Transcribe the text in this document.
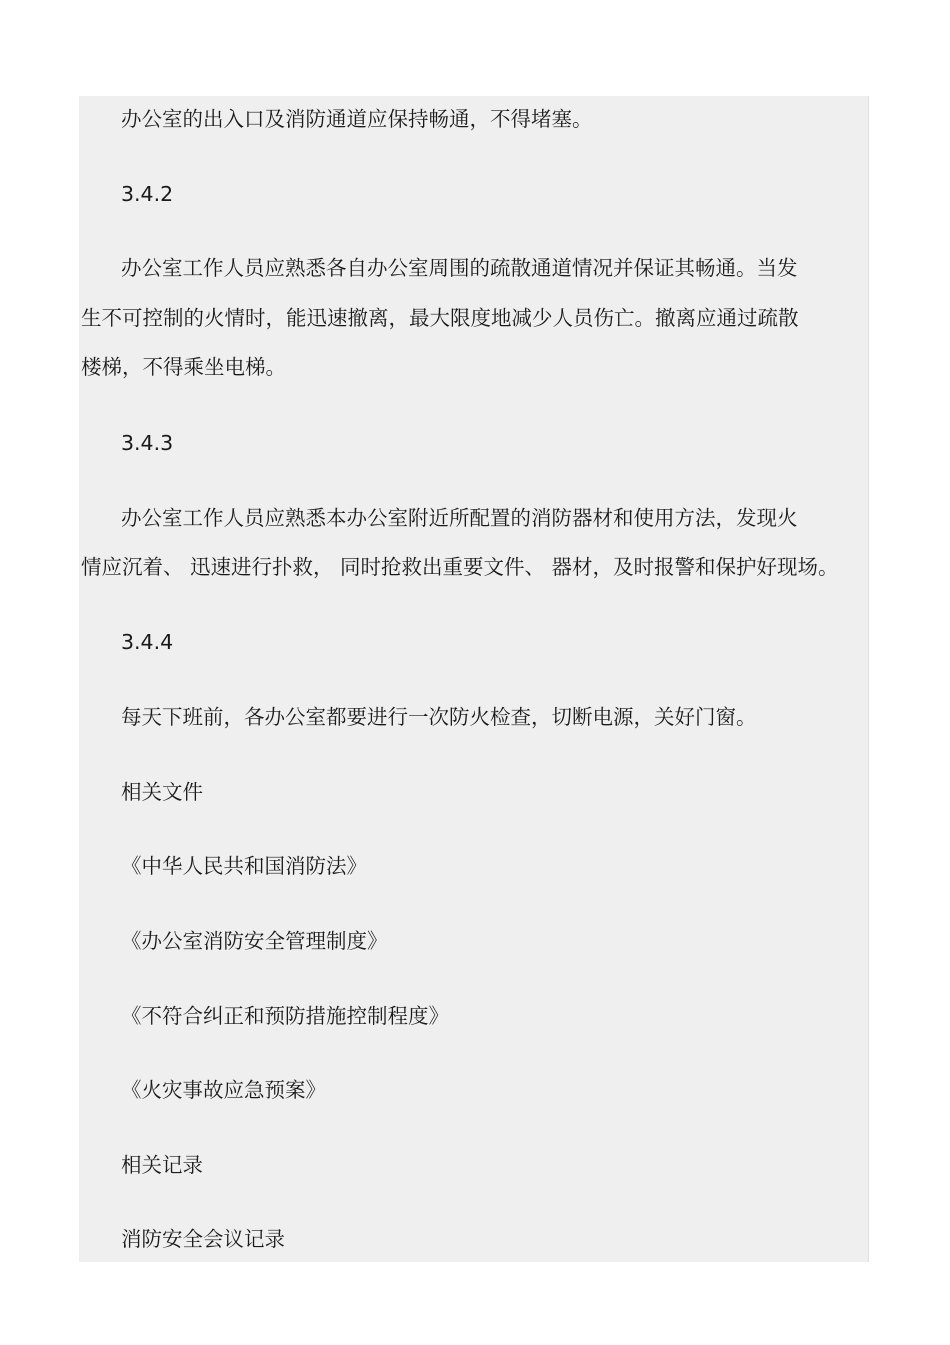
办公室的出入口及消防通道应保持畅通，不得堵塞。
3.4.2
办公室工作人员应熟悉各自办公室周围的疏散通道情况并保证其畅通。当发
生不可控制的火情时，能迅速撤离，最大限度地减少人员伤亡。撤离应通过疏散
楼梯，不得乘坐电梯。
3.4.3
办公室工作人员应熟悉本办公室附近所配置的消防器材和使用方法，发现火
情应沉着、 迅速进行扑救， 同时抢救出重要文件、 器材，及时报警和保护好现场。
3.4.4
每天下班前，各办公室都要进行一次防火检查，切断电源，关好门窗。
相关文件
《中华人民共和国消防法》
《办公室消防安全管理制度》
《不符合纠正和预防措施控制程度》
《火灾事故应急预案》
相关记录
消防安全会议记录
